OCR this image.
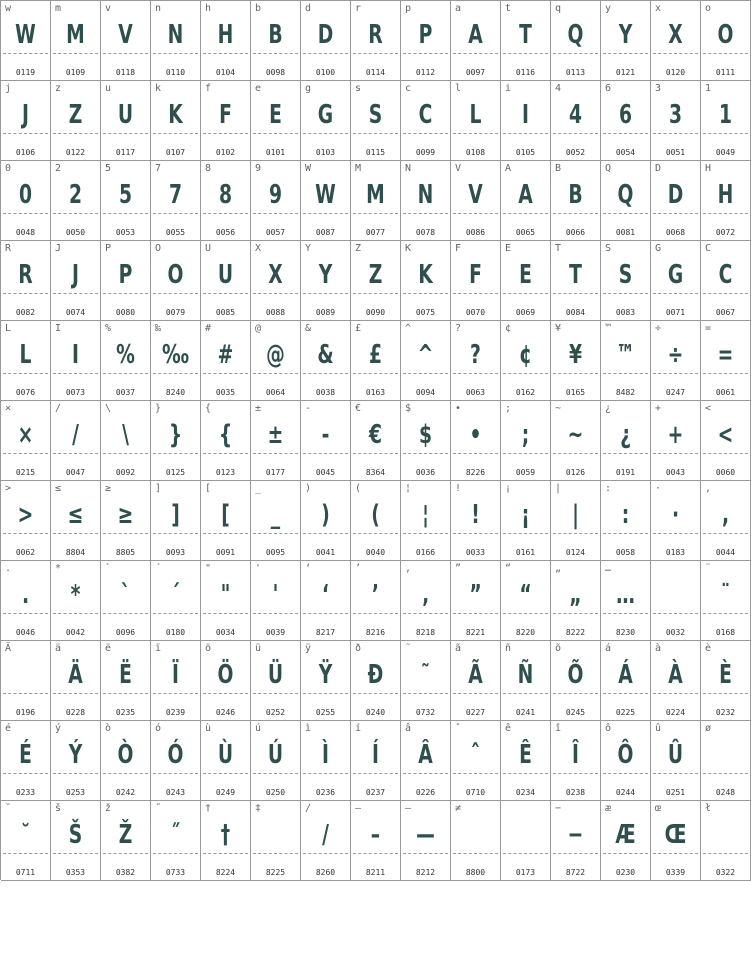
w
W
0119
m
M
0109
v
V
0118
n
N
0110
h
H
0104
b
B
0098
d
D
0100
r
R
0114
p
P
0112
a
A
0097
t
T
0116
q
Q
0113
y
Y
0121
x
X
0120
o
O
0111
j
J
0106
z
Z
0122
u
U
0117
k
K
0107
f
F
0102
e
E
0101
g
G
0103
s
S
0115
c
C
0099
l
L
0108
i
I
0105
4
4
0052
6
6
0054
3
3
0051
1
1
0049
0
0
0048
2
2
0050
5
5
0053
7
7
0055
8
8
0056
9
9
0057
W
W
0087
M
M
0077
N
N
0078
V
V
0086
A
A
0065
B
B
0066
Q
Q
0081
D
D
0068
H
H
0072
R
R
0082
J
J
0074
P
P
0080
O
O
0079
U
U
0085
X
X
0088
Y
Y
0089
Z
Z
0090
K
K
0075
F
F
0070
E
E
0069
T
T
0084
S
S
0083
G
G
0071
C
C
0067
L
L
0076
I
I
0073
%
%
0037
‰
‰
8240
#
#
0035
@
@
0064
&
&
0038
£
£
0163
^
^
0094
?
?
0063
¢
¢
0162
¥
¥
0165
™
™
8482
÷
÷
0247
=
=
0061
×
×
0215
/
/
0047
\
\
0092
}
}
0125
{
{
0123
±
±
0177
-
-
0045
€
€
8364
$
$
0036
•
•
8226
;
;
0059
~
~
0126
¿
¿
0191
+
+
0043
<
<
0060
>
>
0062
≤
≤
8804
≥
≥
8805
]
]
0093
[
[
0091
_
_
0095
)
)
0041
(
(
0040
¦
¦
0166
!
!
0033
¡
¡
0161
|
|
0124
:
:
0058
·
·
0183
,
,
0044
.
.
0046
*
*
0042
`
`
0096
´
´
0180
"
"
0034
'
'
0039
‘
‘
8217
’
’
8216
‚
‚
8218
”
”
8221
“
“
8220
„
„
8222
…
…
8230	0032
¨
¨
0168
Ä
0196
ä
Ä
0228
ë
Ë
0235
ï
Ï
0239
ö
Ö
0246
ü
Ü
0252
ÿ
Ÿ
0255
ð
Đ
0240
˜
˜
0732
ã
Ã
0227
ñ
Ñ
0241
õ
Õ
0245
á
Á
0225
à
À
0224
è
È
0232
é
É
0233
ý
Ý
0253
ò
Ò
0242
ó
Ó
0243
ù
Ù
0249
ú
Ú
0250
ì
Ì
0236
í
Í
0237
â
Â
0226
ˆ
ˆ
0710
ê
Ê
0234
î
Î
0238
ô
Ô
0244
û
Û
0251
ø
0248
˘
˘
0711
š
Š
0353
ž
Ž
0382
˝
˝
0733
†
†
8224
‡
8225
/
/
8260
–
–
8211
—
—
8212
≠
8800	0173
−
−
8722
æ
Æ
0230
œ
Œ
0339
ł
0322
